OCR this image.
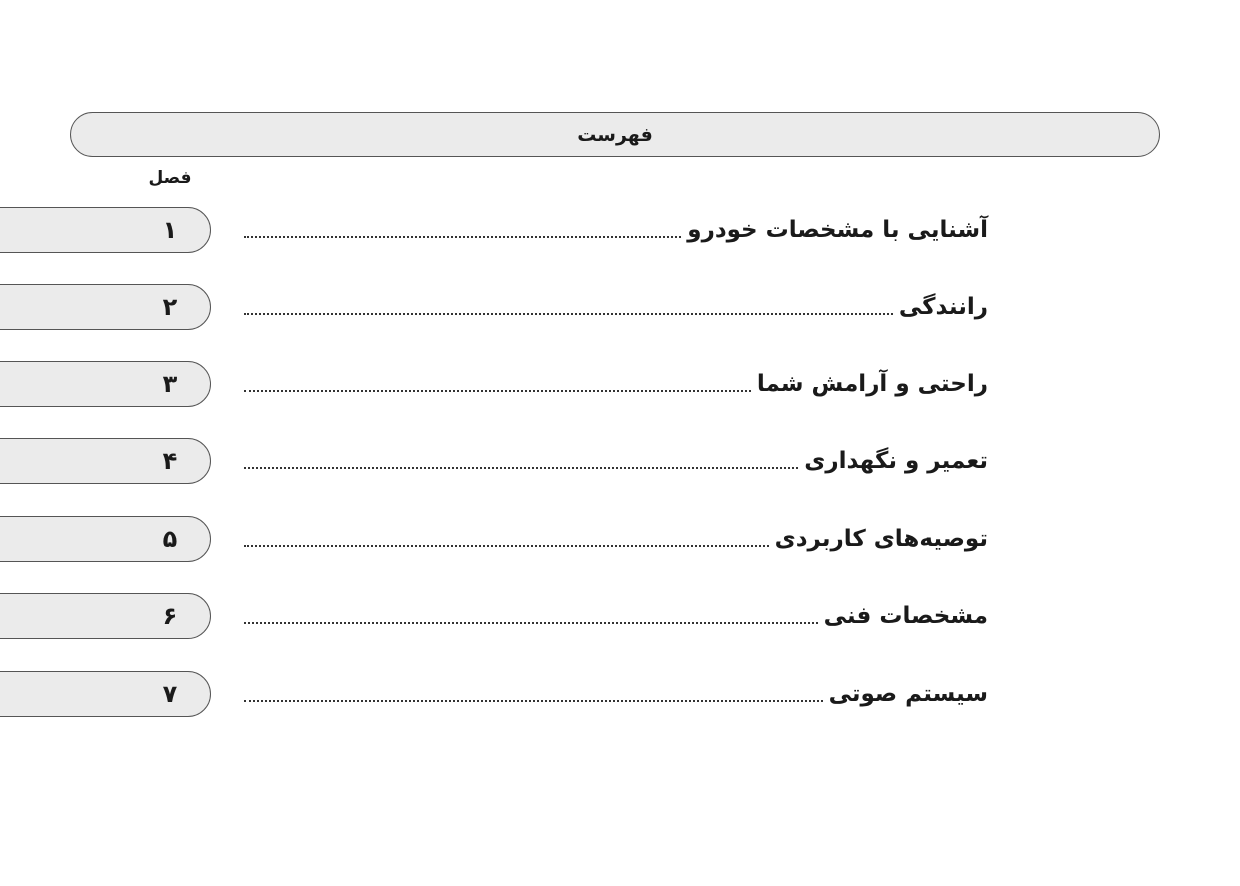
فهرست
فصل
۱	آشنایی با مشخصات خودرو
۲	رانندگی
۳	راحتی و آرامش شما
۴	تعمیر و نگهداری
۵	توصیه‌های کاربردی
۶	مشخصات فنی
۷	سیستم صوتی
